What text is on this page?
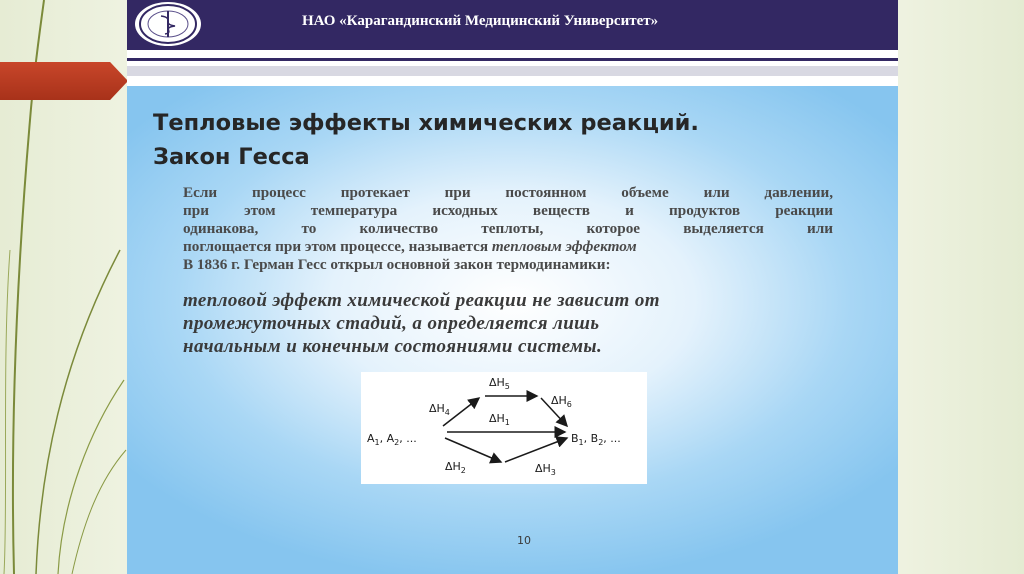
НАО «Карагандинский Медицинский Университет»
Тепловые эффекты химических реакций.
Закон Гесса
Если процесс протекает при постоянном объеме или давлении,
при этом температура исходных веществ и продуктов реакции
одинакова, то количество теплоты, которое выделяется или
поглощается при этом процессе, называется тепловым эффектом
В 1836 г. Герман Гесс открыл основной закон термодинамики:
тепловой эффект химической реакции не зависит от
промежуточных стадий, а определяется лишь
начальным и конечным состояниями системы.
$A_1$, $A_2$, ...	$B_1$, $B_2$, ...
$\Delta H_4$
$\Delta H_5$
$\Delta H_6$
$\Delta H_1$
$\Delta H_2$	$\Delta H_3$
10
